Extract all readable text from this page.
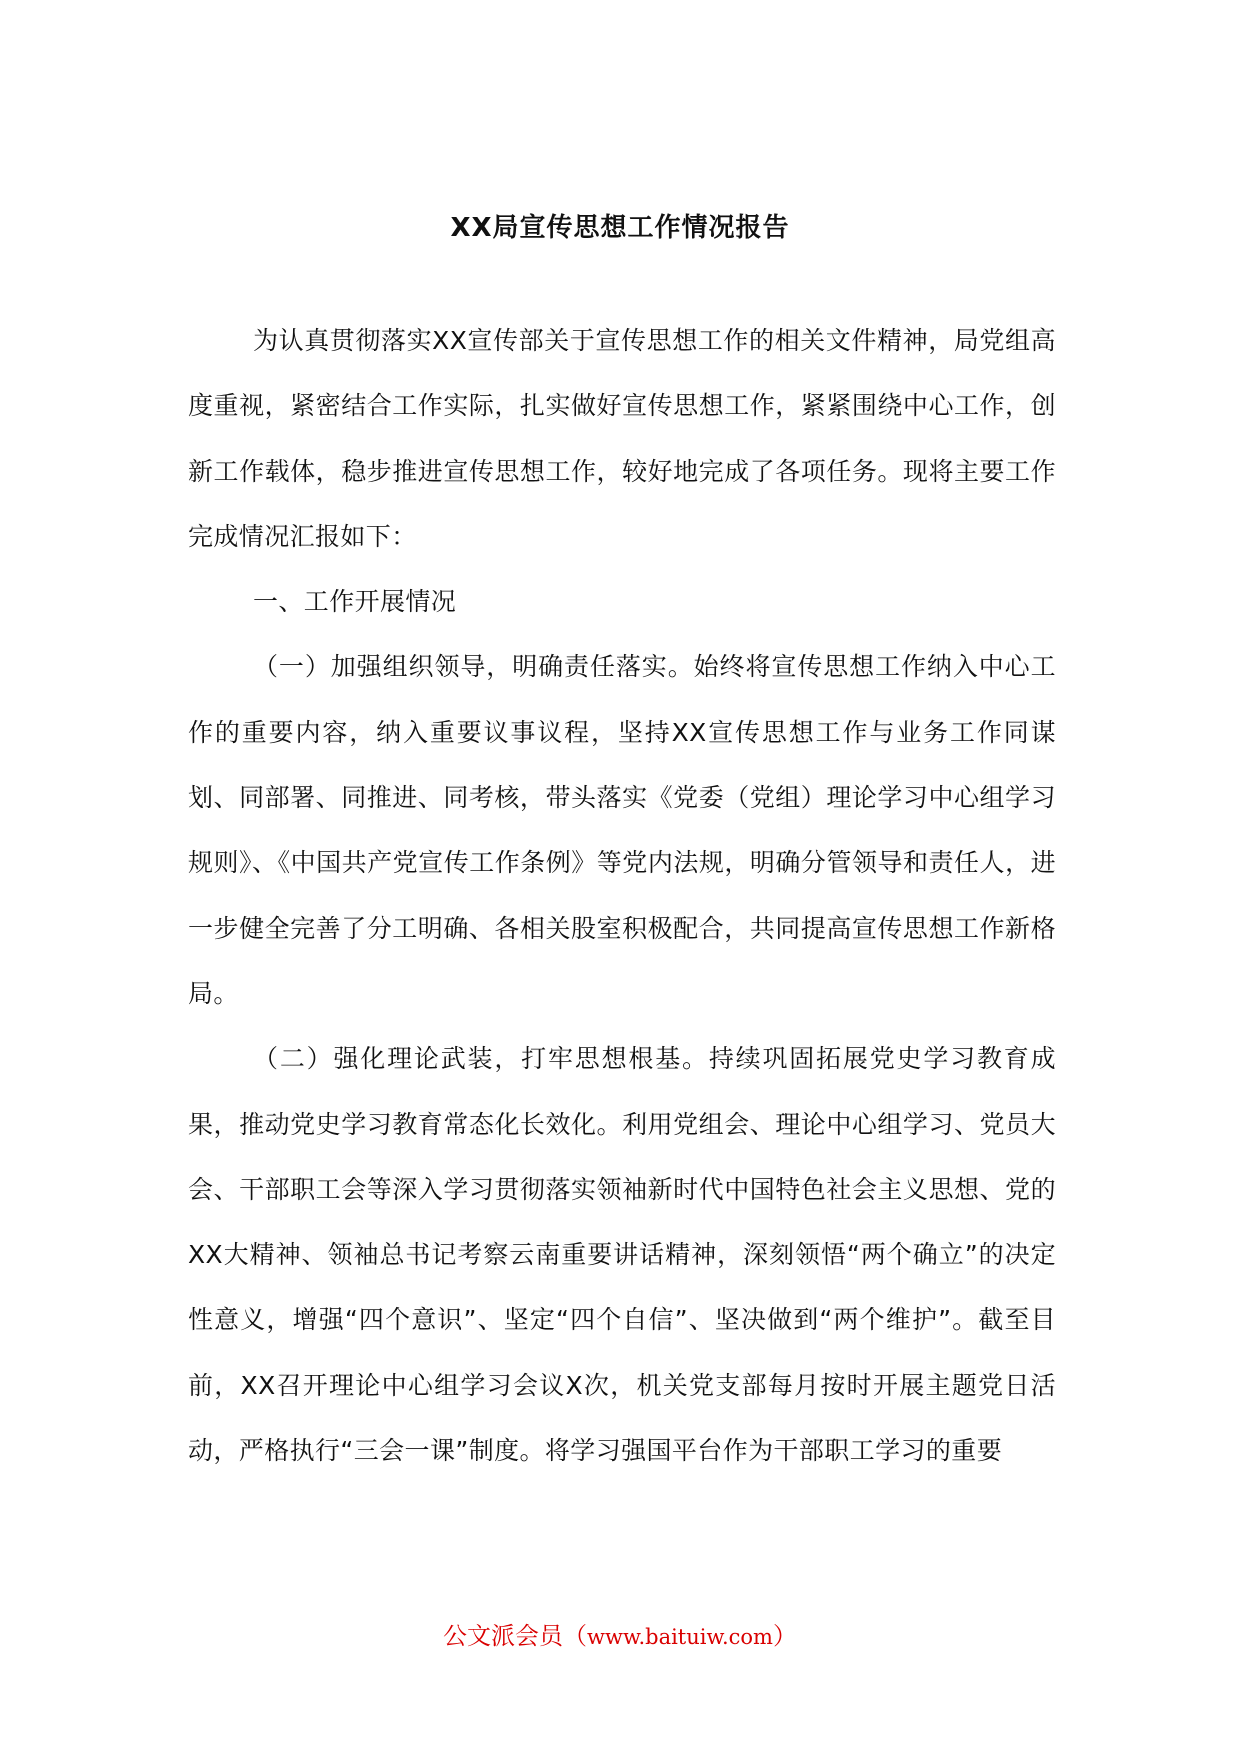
XX局宣传思想工作情况报告

为认真贯彻落实XX宣传部关于宣传思想工作的相关文件精神，局党组高度重视，紧密结合工作实际，扎实做好宣传思想工作，紧紧围绕中心工作，创新工作载体，稳步推进宣传思想工作，较好地完成了各项任务。现将主要工作完成情况汇报如下：

一、工作开展情况

（一）加强组织领导，明确责任落实。始终将宣传思想工作纳入中心工作的重要内容，纳入重要议事议程，坚持XX宣传思想工作与业务工作同谋划、同部署、同推进、同考核，带头落实《党委（党组）理论学习中心组学习规则》、《中国共产党宣传工作条例》等党内法规，明确分管领导和责任人，进一步健全完善了分工明确、各相关股室积极配合，共同提高宣传思想工作新格局。

（二）强化理论武装，打牢思想根基。持续巩固拓展党史学习教育成果，推动党史学习教育常态化长效化。利用党组会、理论中心组学习、党员大会、干部职工会等深入学习贯彻落实领袖新时代中国特色社会主义思想、党的XX大精神、领袖总书记考察云南重要讲话精神，深刻领悟“两个确立”的决定性意义，增强“四个意识”、坚定“四个自信”、坚决做到“两个维护”。截至目前，XX召开理论中心组学习会议X次，机关党支部每月按时开展主题党日活动，严格执行“三会一课”制度。将学习强国平台作为干部职工学习的重要

公文派会员（www.baituiw.com）
